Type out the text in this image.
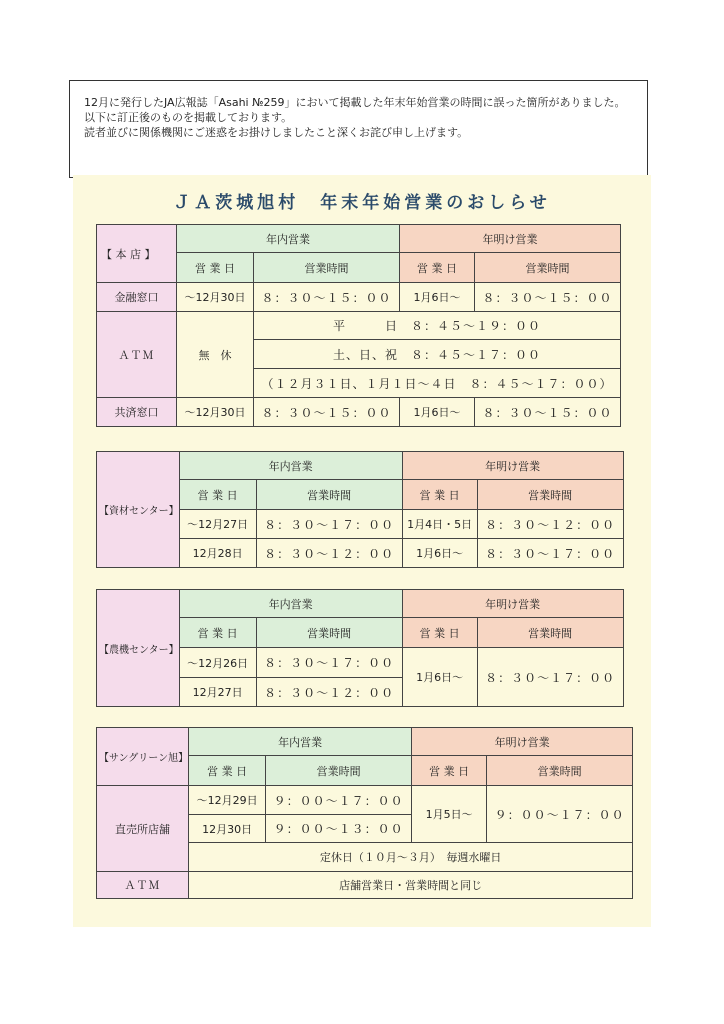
12月に発行したJA広報誌「Asahi №259」において掲載した年末年始営業の時間に誤った箇所がありました。
以下に訂正後のものを掲載しております。
読者並びに関係機関にご迷惑をお掛けしましたこと深くお詫び申し上げます。
ＪＡ茨城旭村　年末年始営業のおしらせ
【 本 店 】	年内営業		年明け営業	
	営 業 日	営業時間	営 業 日	営業時間
金融窓口	～12月30日	８：３０～１５：００	1月6日～	８：３０～１５：００
ＡＴＭ	無　休	平　　　日　８：４５～１９：００		
		土、日、祝　８：４５～１７：００		
		（１２月３１日、１月１日～４日　８：４５～１７：００）		
共済窓口	～12月30日	８：３０～１５：００	1月6日～	８：３０～１５：００
【資材センター】	年内営業		年明け営業	
	営 業 日	営業時間	営 業 日	営業時間
	～12月27日	８：３０～１７：００	1月4日・5日	８：３０～１２：００
	12月28日	８：３０～１２：００	1月6日～	８：３０～１７：００
【農機センター】	年内営業		年明け営業	
	営 業 日	営業時間	営 業 日	営業時間
	～12月26日	８：３０～１７：００	1月6日～	８：３０～１７：００
	12月27日	８：３０～１２：００		
【サングリーン旭】	年内営業		年明け営業	
	営 業 日	営業時間	営 業 日	営業時間
直売所店舗	～12月29日	９：００～１７：００	1月5日～	９：００～１７：００
	12月30日	９：００～１３：００		
	定休日（１０月～３月）　毎週水曜日			
ＡＴＭ	店舗営業日・営業時間と同じ			
